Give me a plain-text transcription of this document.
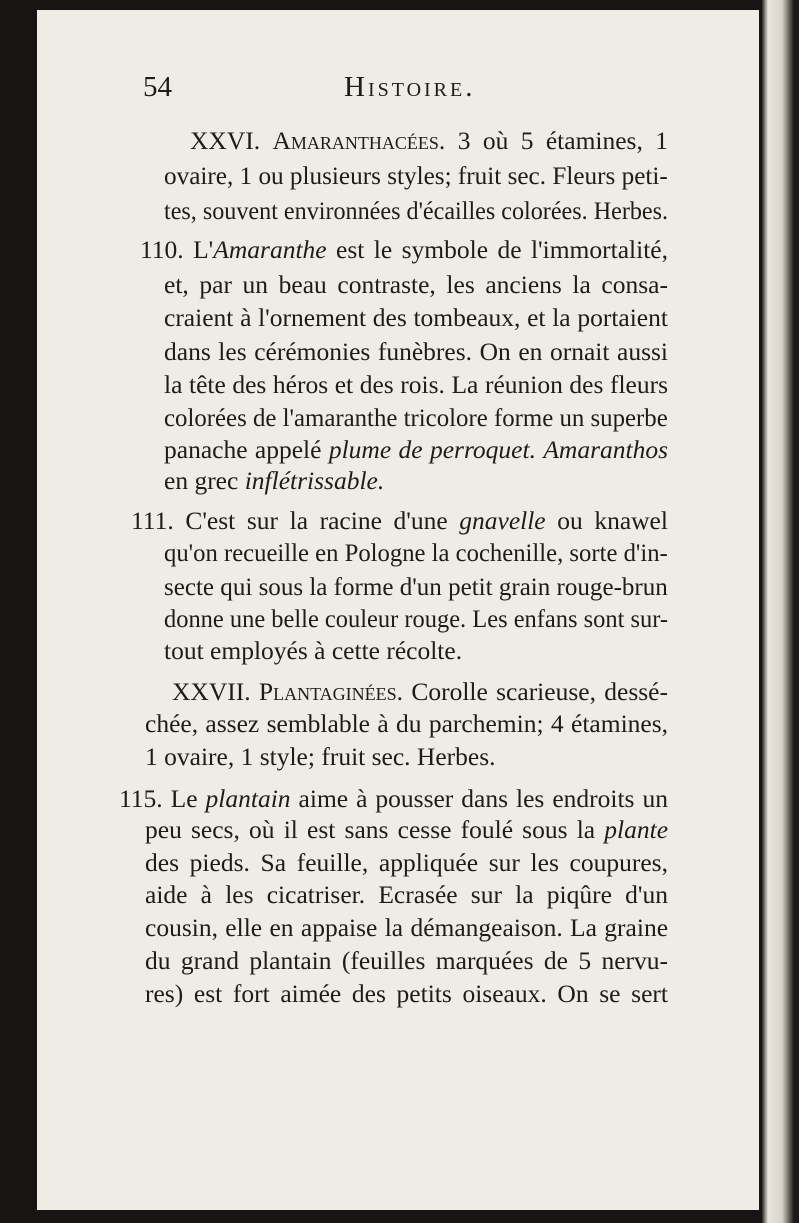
54	Histoire.
XXVI. Amaranthacées. 3 où 5 étamines, 1
ovaire, 1 ou plusieurs styles; fruit sec. Fleurs peti-
tes, souvent environnées d'écailles colorées. Herbes.
110. L'Amaranthe est le symbole de l'immortalité,
et, par un beau contraste, les anciens la consa-
craient à l'ornement des tombeaux, et la portaient
dans les cérémonies funèbres. On en ornait aussi
la tête des héros et des rois. La réunion des fleurs
colorées de l'amaranthe tricolore forme un superbe
panache appelé plume de perroquet. Amaranthos
en grec inflétrissable.
111. C'est sur la racine d'une gnavelle ou knawel
qu'on recueille en Pologne la cochenille, sorte d'in-
secte qui sous la forme d'un petit grain rouge-brun
donne une belle couleur rouge. Les enfans sont sur-
tout employés à cette récolte.
XXVII. Plantaginées. Corolle scarieuse, dessé-
chée, assez semblable à du parchemin; 4 étamines,
1 ovaire, 1 style; fruit sec. Herbes.
115. Le plantain aime à pousser dans les endroits un
peu secs, où il est sans cesse foulé sous la plante
des pieds. Sa feuille, appliquée sur les coupures,
aide à les cicatriser. Ecrasée sur la piqûre d'un
cousin, elle en appaise la démangeaison. La graine
du grand plantain (feuilles marquées de 5 nervu-
res) est fort aimée des petits oiseaux. On se sert
